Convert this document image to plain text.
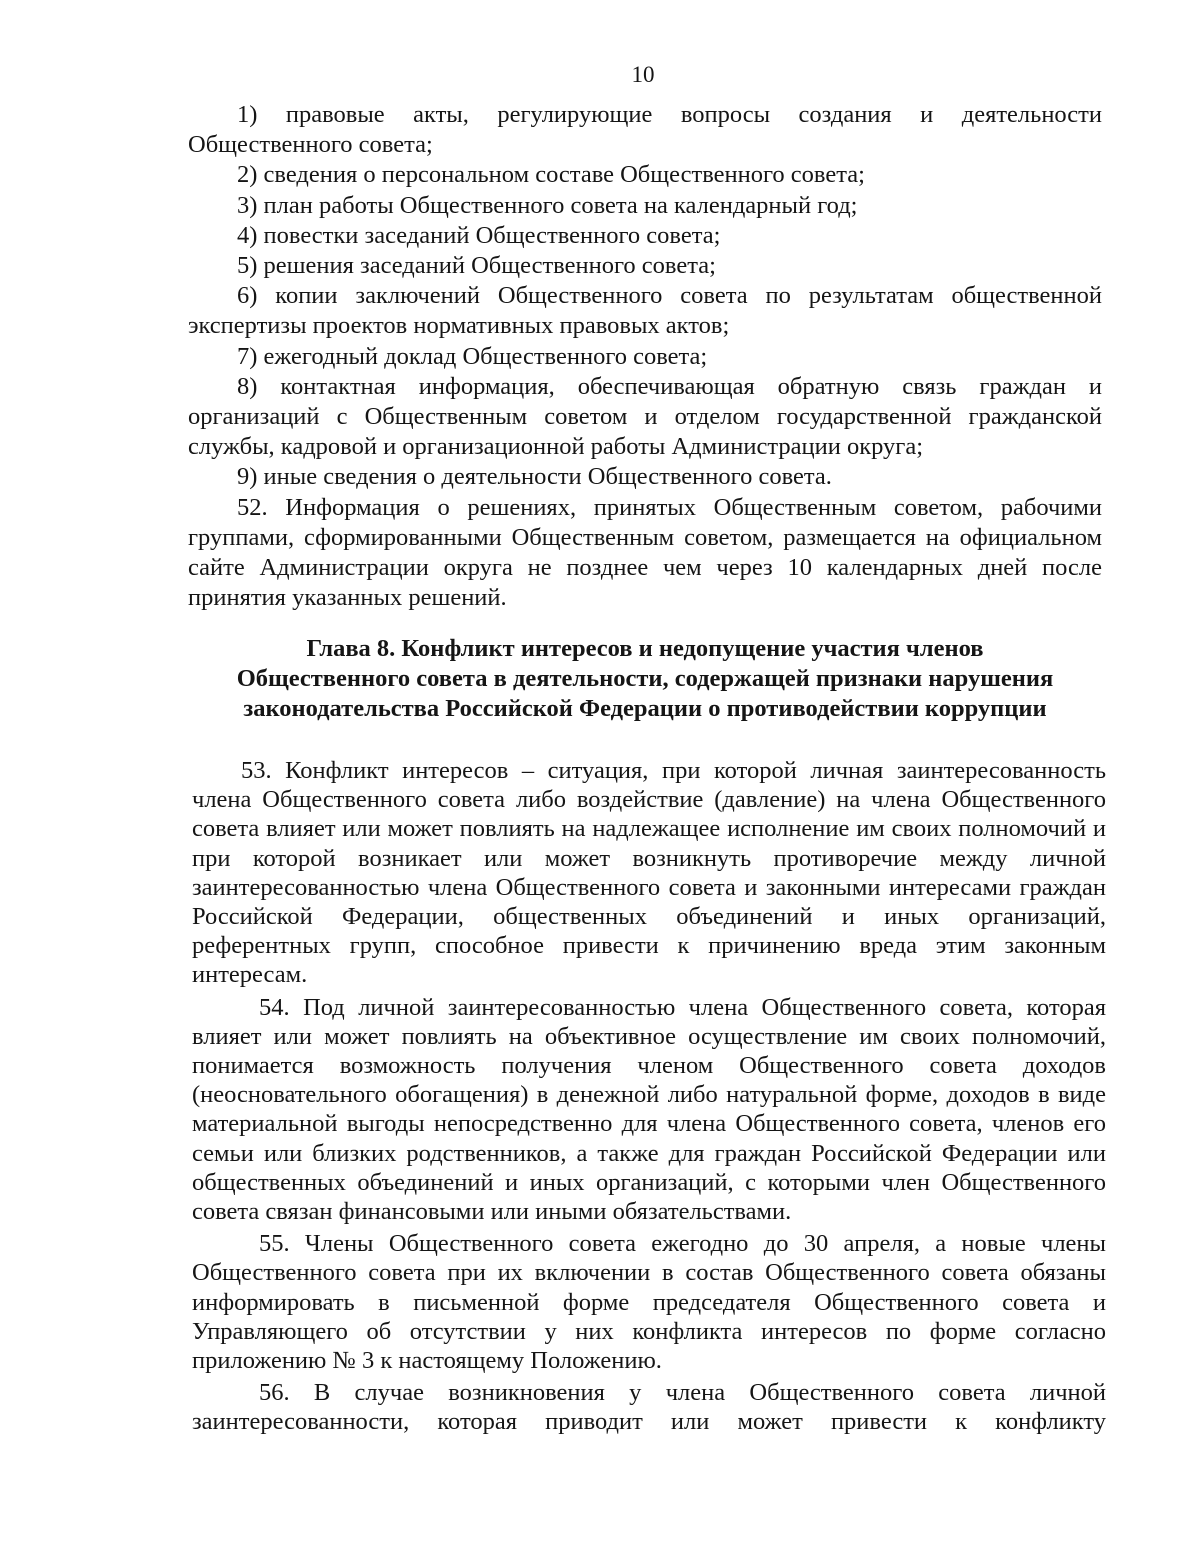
10

1) правовые акты, регулирующие вопросы создания и деятельности Общественного совета;

2) сведения о персональном составе Общественного совета;

3) план работы Общественного совета на календарный год;

4) повестки заседаний Общественного совета;

5) решения заседаний Общественного совета;

6) копии заключений Общественного совета по результатам общественной экспертизы проектов нормативных правовых актов;

7) ежегодный доклад Общественного совета;

8) контактная информация, обеспечивающая обратную связь граждан и организаций с Общественным советом и отделом государственной гражданской службы, кадровой и организационной работы Администрации округа;

9) иные сведения о деятельности Общественного совета.

52. Информация о решениях, принятых Общественным советом, рабочими группами, сформированными Общественным советом, размещается на официальном сайте Администрации округа не позднее чем через 10 календарных дней после принятия указанных решений.

Глава 8. Конфликт интересов и недопущение участия членов

Общественного совета в деятельности, содержащей признаки нарушения

законодательства Российской Федерации о противодействии коррупции

53. Конфликт интересов – ситуация, при которой личная заинтересованность члена Общественного совета либо воздействие (давление) на члена Общественного совета влияет или может повлиять на надлежащее исполнение им своих полномочий и при которой возникает или может возникнуть противоречие между личной заинтересованностью члена Общественного совета и законными интересами граждан Российской Федерации, общественных объединений и иных организаций, референтных групп, способное привести к причинению вреда этим законным интересам.

54. Под личной заинтересованностью члена Общественного совета, которая влияет или может повлиять на объективное осуществление им своих полномочий, понимается возможность получения членом Общественного совета доходов (неосновательного обогащения) в денежной либо натуральной форме, доходов в виде материальной выгоды непосредственно для члена Общественного совета, членов его семьи или близких родственников, а также для граждан Российской Федерации или общественных объединений и иных организаций, с которыми член Общественного совета связан финансовыми или иными обязательствами.

55. Члены Общественного совета ежегодно до 30 апреля, а новые члены Общественного совета при их включении в состав Общественного совета обязаны информировать в письменной форме председателя Общественного совета и Управляющего об отсутствии у них конфликта интересов по форме согласно приложению № 3 к настоящему Положению.

56. В случае возникновения у члена Общественного совета личной заинтересованности, которая приводит или может привести к конфликту
